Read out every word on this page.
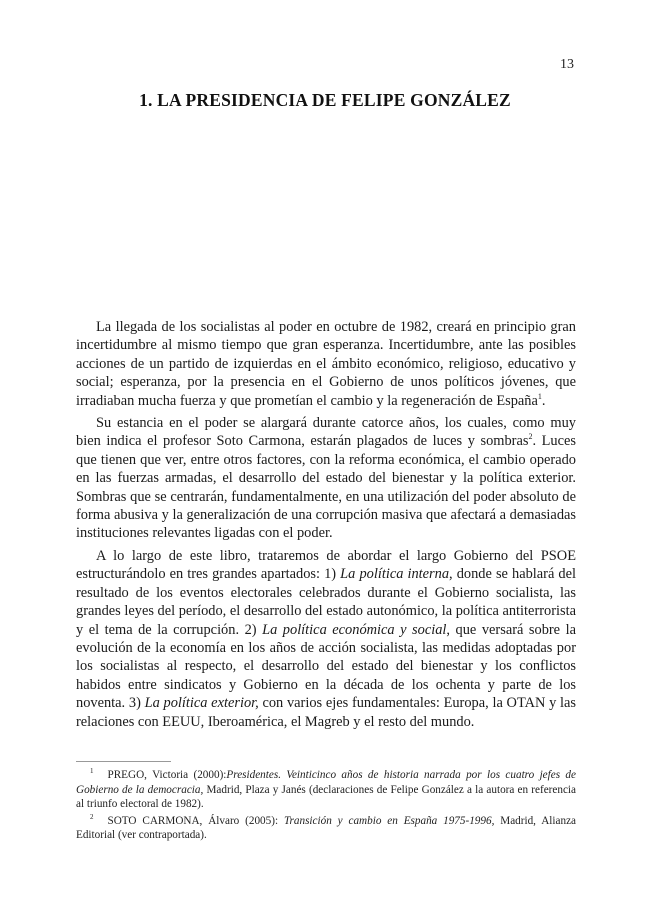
13
1. LA PRESIDENCIA DE FELIPE GONZÁLEZ

La llegada de los socialistas al poder en octubre de 1982, creará en principio gran incertidumbre al mismo tiempo que gran esperanza. Incertidumbre, ante las posibles acciones de un partido de izquierdas en el ámbito económico, religioso, educativo y social; esperanza, por la presencia en el Gobierno de unos políticos jóvenes, que irradiaban mucha fuerza y que prometían el cambio y la regeneración de España$^1$.

Su estancia en el poder se alargará durante catorce años, los cuales, como muy bien indica el profesor Soto Carmona, estarán plagados de luces y sombras$^2$. Luces que tienen que ver, entre otros factores, con la reforma económica, el cambio operado en las fuerzas armadas, el desarrollo del estado del bienestar y la política exterior. Sombras que se centrarán, fundamentalmente, en una utilización del poder absoluto de forma abusiva y la generalización de una corrupción masiva que afectará a demasiadas instituciones relevantes ligadas con el poder.

A lo largo de este libro, trataremos de abordar el largo Gobierno del PSOE estructurándolo en tres grandes apartados: 1) La política interna, donde se hablará del resultado de los eventos electorales celebrados durante el Gobierno socialista, las grandes leyes del período, el desarrollo del estado autonómico, la política antiterrorista y el tema de la corrupción. 2) La política económica y social, que versará sobre la evolución de la economía en los años de acción socialista, las medidas adoptadas por los socialistas al respecto, el desarrollo del estado del bienestar y los conflictos habidos entre sindicatos y Gobierno en la década de los ochenta y parte de los noventa. 3) La política exterior, con varios ejes fundamentales: Europa, la OTAN y las relaciones con EEUU, Iberoamérica, el Magreb y el resto del mundo.

$^1$ PREGO, Victoria (2000):Presidentes. Veinticinco años de historia narrada por los cuatro jefes de Gobierno de la democracia, Madrid, Plaza y Janés (declaraciones de Felipe González a la autora en referencia al triunfo electoral de 1982).

$^2$ SOTO CARMONA, Álvaro (2005): Transición y cambio en España 1975-1996, Madrid, Alianza Editorial (ver contraportada).
